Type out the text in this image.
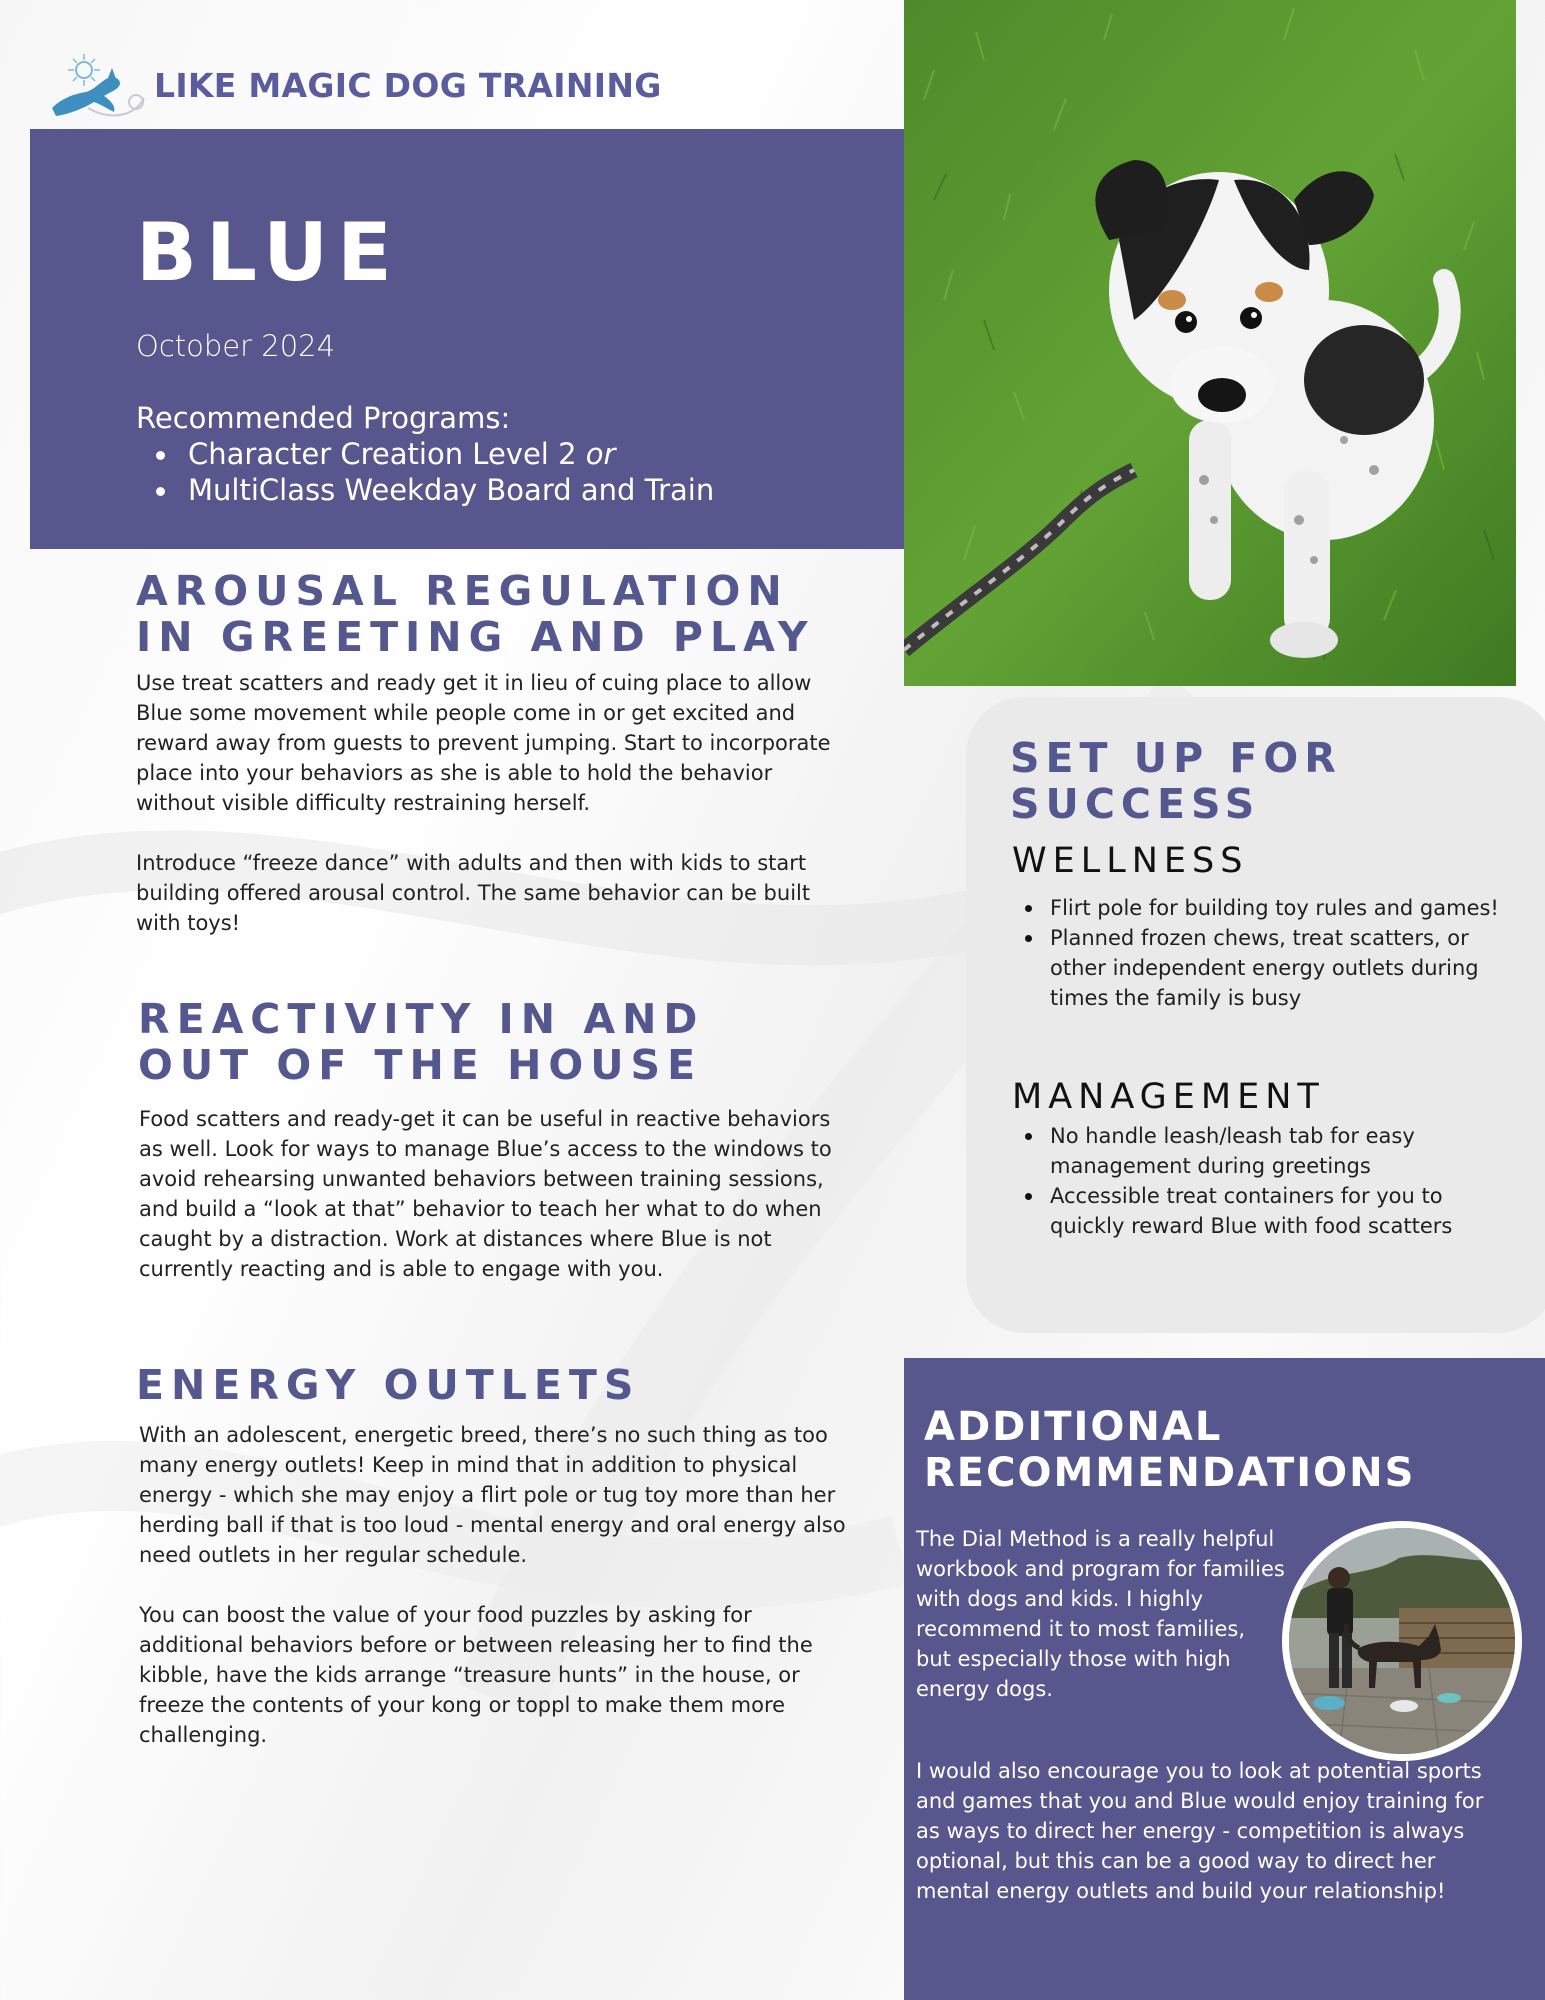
LIKE MAGIC DOG TRAINING
BLUE
October 2024
Recommended Programs:
Character Creation Level 2 or
MultiClass Weekday Board and Train
AROUSAL REGULATION
IN GREETING AND PLAY

Use treat scatters and ready get it in lieu of cuing place to allow Blue some movement while people come in or get excited and reward away from guests to prevent jumping. Start to incorporate place into your behaviors as she is able to hold the behavior without visible difficulty restraining herself.

Introduce “freeze dance” with adults and then with kids to start building offered arousal control. The same behavior can be built with toys!

REACTIVITY IN AND
OUT OF THE HOUSE

Food scatters and ready-get it can be useful in reactive behaviors as well. Look for ways to manage Blue’s access to the windows to avoid rehearsing unwanted behaviors between training sessions, and build a “look at that” behavior to teach her what to do when caught by a distraction. Work at distances where Blue is not currently reacting and is able to engage with you.

ENERGY OUTLETS

With an adolescent, energetic breed, there’s no such thing as too many energy outlets! Keep in mind that in addition to physical energy - which she may enjoy a flirt pole or tug toy more than her herding ball if that is too loud - mental energy and oral energy also need outlets in her regular schedule.

You can boost the value of your food puzzles by asking for additional behaviors before or between releasing her to find the kibble, have the kids arrange “treasure hunts” in the house, or freeze the contents of your kong or toppl to make them more challenging.

SET UP FOR
SUCCESS
WELLNESS
Flirt pole for building toy rules and games!
Planned frozen chews, treat scatters, or other independent energy outlets during times the family is busy
MANAGEMENT
No handle leash/leash tab for easy management during greetings
Accessible treat containers for you to quickly reward Blue with food scatters
ADDITIONAL
RECOMMENDATIONS

The Dial Method is a really helpful workbook and program for families with dogs and kids. I highly recommend it to most families, but especially those with high energy dogs.

I would also encourage you to look at potential sports and games that you and Blue would enjoy training for as ways to direct her energy - competition is always optional, but this can be a good way to direct her mental energy outlets and build your relationship!
